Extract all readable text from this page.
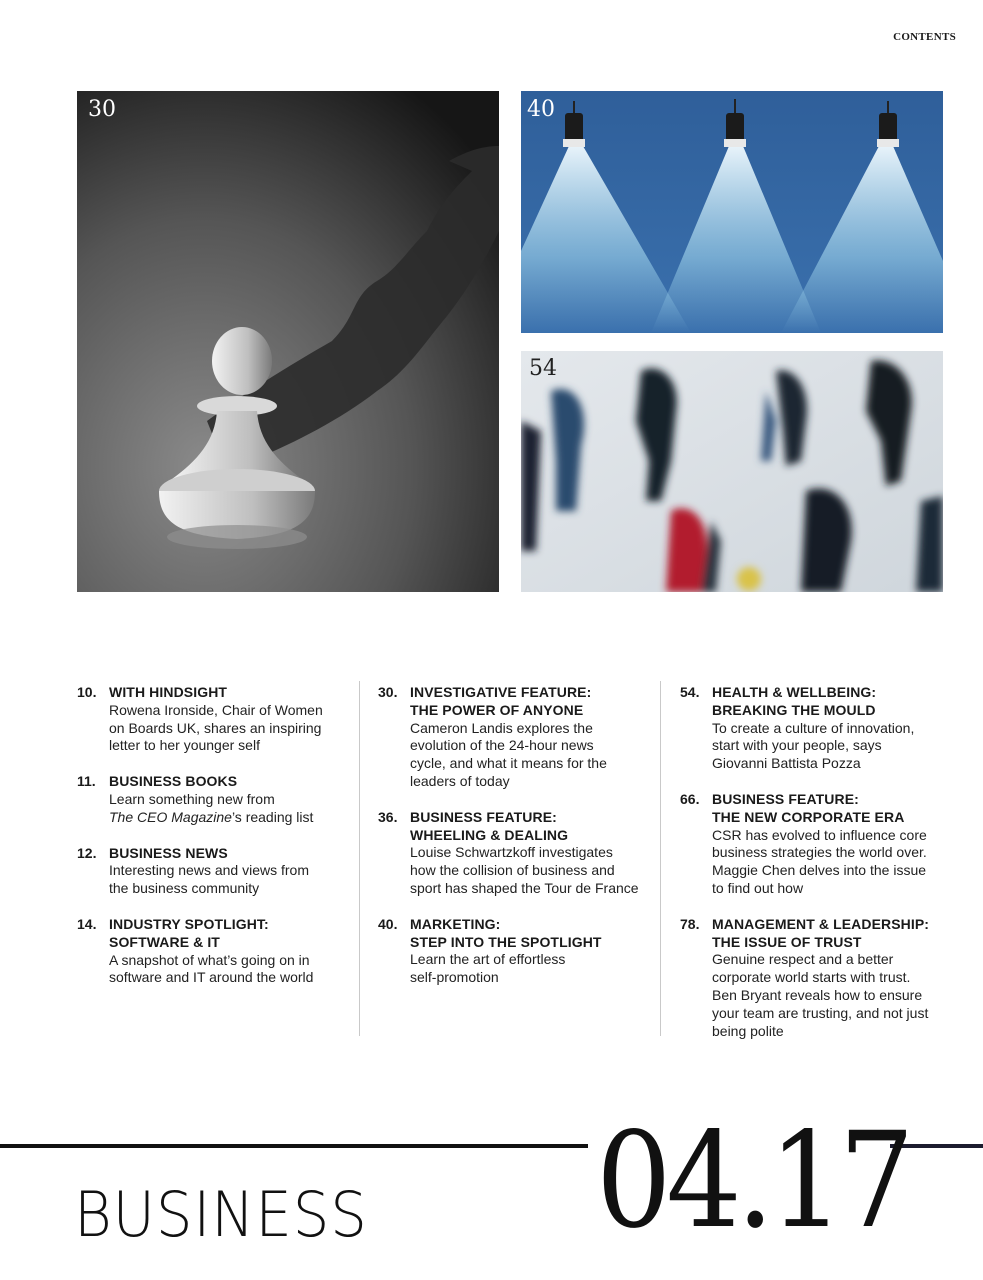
CONTENTS
30	40
54
10. WITH HINDSIGHT
Rowena Ironside, Chair of Women
on Boards UK, shares an inspiring
letter to her younger self
11. BUSINESS BOOKS
Learn something new from
The CEO Magazine’s reading list
12. BUSINESS NEWS
Interesting news and views from
the business community
14. INDUSTRY SPOTLIGHT:
SOFTWARE & IT
A snapshot of what’s going on in
software and IT around the world
30. INVESTIGATIVE FEATURE:
THE POWER OF ANYONE
Cameron Landis explores the
evolution of the 24-hour news
cycle, and what it means for the
leaders of today
36. BUSINESS FEATURE:
WHEELING & DEALING
Louise Schwartzkoff investigates
how the collision of business and
sport has shaped the Tour de France
40. MARKETING:
STEP INTO THE SPOTLIGHT
Learn the art of effortless
self-promotion
54. HEALTH & WELLBEING:
BREAKING THE MOULD
To create a culture of innovation,
start with your people, says
Giovanni Battista Pozza
66. BUSINESS FEATURE:
THE NEW CORPORATE ERA
CSR has evolved to influence core
business strategies the world over.
Maggie Chen delves into the issue
to find out how
78. MANAGEMENT & LEADERSHIP:
THE ISSUE OF TRUST
Genuine respect and a better
corporate world starts with trust.
Ben Bryant reveals how to ensure
your team are trusting, and not just
being polite
BUSINESS 04.17
